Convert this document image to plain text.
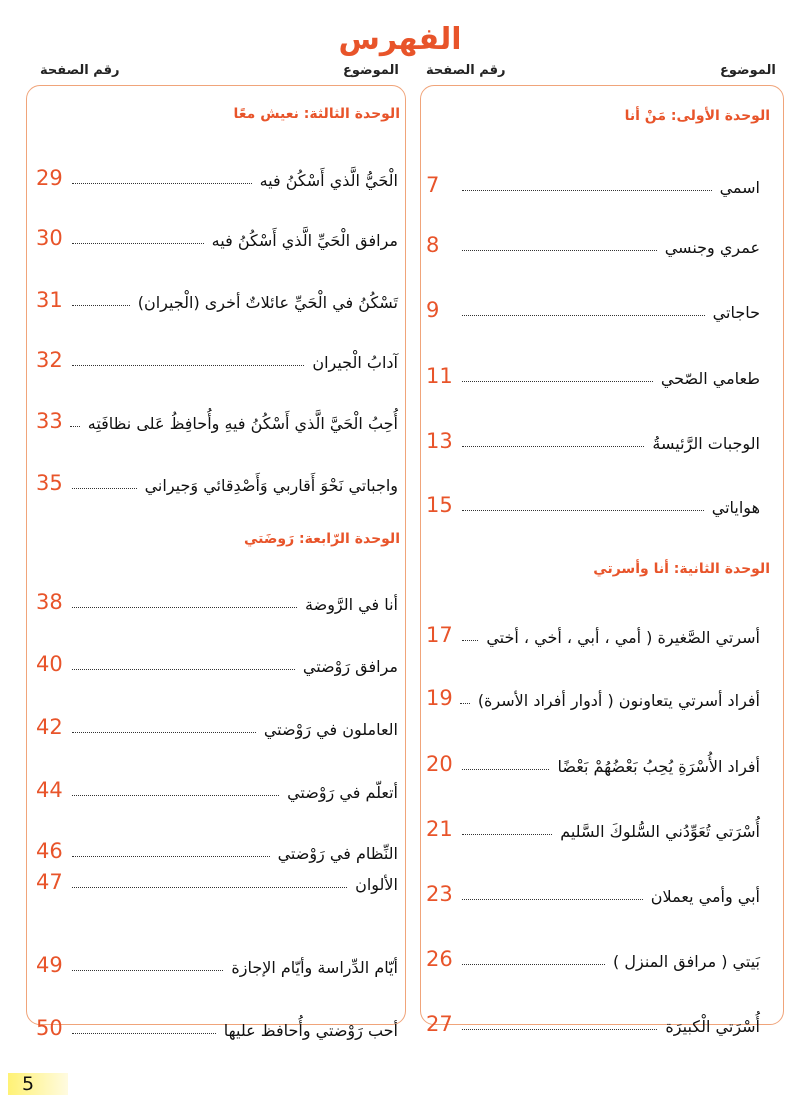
الفهرس
رقم الصفحة	الموضوع رقم الصفحة	الموضوع
الوحدة الأولى: مَنْ أنا
اسمي
7
عمري وجنسي
8
حاجاتي
9
طعامي الصّحي
11
الوجبات الرَّئيسةُ
13
هواياتي
15
الوحدة الثانية: أنا وأسرتي
أسرتي الصَّغيرة ( أمي ، أبي ، أخي ، أختي
17
أفراد أسرتي يتعاونون ( أدوار أفراد الأسرة)
19
أفراد الأُسْرَةِ يُحِبُ بَعْضُهُمْ بَعْضًا
20
أُسْرَتي تُعَوِّدُني السُّلوكَ السَّليم
21
أبي وأمي يعملان
23
بَيتي ( مرافق المنزل )
26
أُسْرَتي الْكبيرَة
27
الوحدة الثالثة: نعيش معًا
الْحَيُّ الَّذي أَسْكُنُ فيه
29
مرافق الْحَيِّ الَّذي أَسْكُنُ فيه
30
تَسْكُنُ في الْحَيِّ عائلاتٌ أخرى (الْجيران)
31
آدابُ الْجيران
32
أُحِبُ الْحَيَّ الَّذي أَسْكُنُ فيهِ وأُحافِظُ عَلى نظافَتِه
33
واجباتي نَحْوَ أَقاربي وَأَصْدِقائي وَجيراني
35
الوحدة الرّابعة: رَوضَتي
أنا في الرَّوضة
38
مرافق رَوْضتي
40
العاملون في رَوْضتي
42
أتعلّم في رَوْضتي
44
النِّظام في رَوْضتي
46
الألوان
47
أيّام الدِّراسة وأيّام الإجازة
49
أحب رَوْضتي وأُحافظ عليها
50
5
